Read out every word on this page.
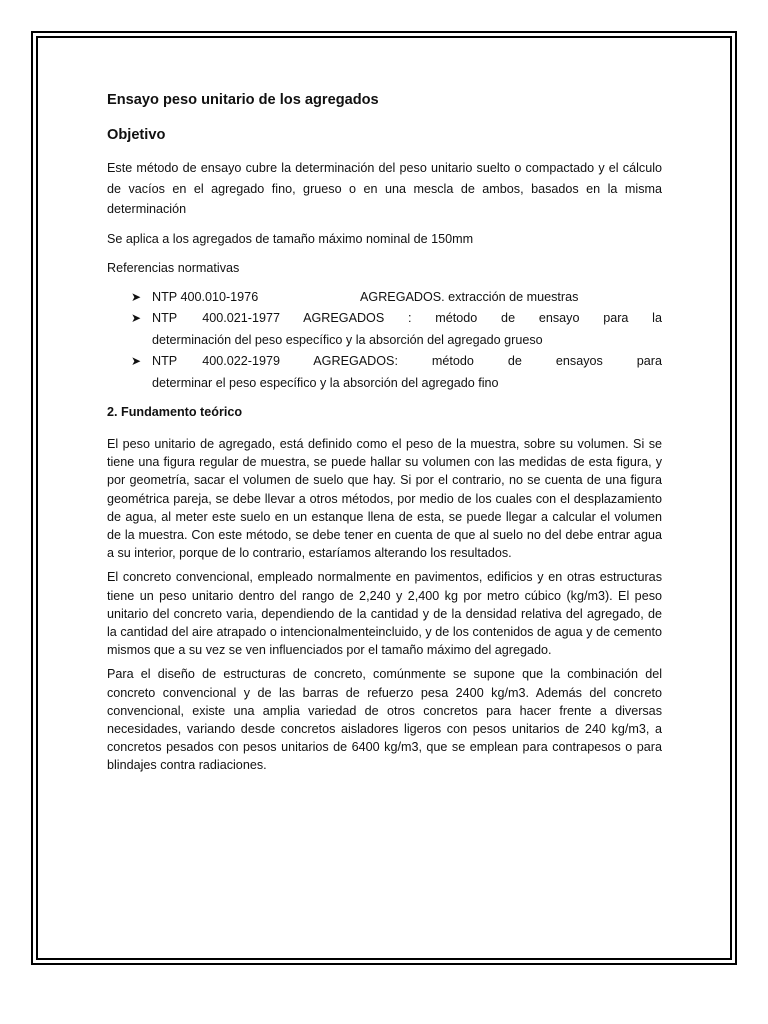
Ensayo peso unitario de los agregados
Objetivo

Este método de ensayo cubre la determinación del peso unitario suelto o compactado y el cálculo de vacíos en el agregado fino, grueso o en una mescla de ambos, basados en la misma determinación

Se aplica a los agregados de tamaño máximo nominal de 150mm

Referencias normativas

➤ NTP 400.010-1976	AGREGADOS. extracción de muestras
➤ NTP 400.021-1977 AGREGADOS : método de ensayo para la
determinación del peso específico y la absorción del agregado grueso
➤ NTP 400.022-1979	AGREGADOS: método de ensayos para
determinar el peso específico y la absorción del agregado fino
2. Fundamento teórico

El peso unitario de agregado, está definido como el peso de la muestra, sobre su volumen. Si se tiene una figura regular de muestra, se puede hallar su volumen con las medidas de esta figura, y por geometría, sacar el volumen de suelo que hay. Si por el contrario, no se cuenta de una figura geométrica pareja, se debe llevar a otros métodos, por medio de los cuales con el desplazamiento de agua, al meter este suelo en un estanque llena de esta, se puede llegar a calcular el volumen de la muestra. Con este método, se debe tener en cuenta de que al suelo no del debe entrar agua a su interior, porque de lo contrario, estaríamos alterando los resultados.

El concreto convencional, empleado normalmente en pavimentos, edificios y en otras estructuras tiene un peso unitario dentro del rango de 2,240 y 2,400 kg por metro cúbico (kg/m3). El peso unitario del concreto varia, dependiendo de la cantidad y de la densidad relativa del agregado, de la cantidad del aire atrapado o intencionalmenteincluido, y de los contenidos de agua y de cemento mismos que a su vez se ven influenciados por el tamaño máximo del agregado.

Para el diseño de estructuras de concreto, comúnmente se supone que la combinación del concreto convencional y de las barras de refuerzo pesa 2400 kg/m3. Además del concreto convencional, existe una amplia variedad de otros concretos para hacer frente a diversas necesidades, variando desde concretos aisladores ligeros con pesos unitarios de 240 kg/m3, a concretos pesados con pesos unitarios de 6400 kg/m3, que se emplean para contrapesos o para blindajes contra radiaciones.
